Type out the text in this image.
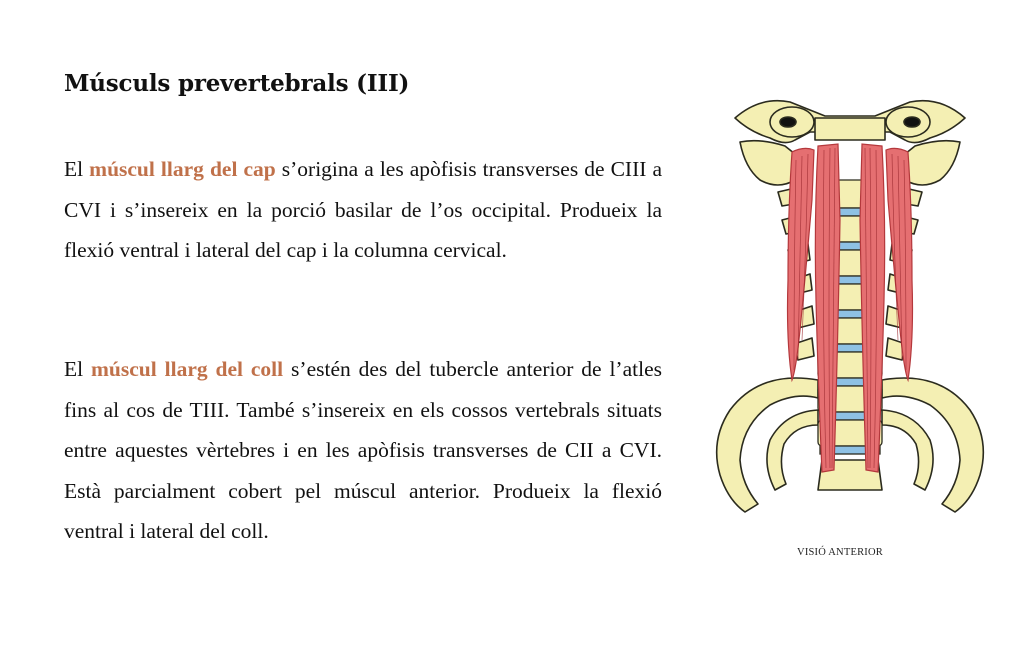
Músculs prevertebrals (III)

El múscul llarg del cap s’origina a les apòfisis transverses de CIII a CVI i s’insereix en la porció basilar de l’os occipital. Produeix la flexió ventral i lateral del cap i la columna cervical.

El múscul llarg del coll s’estén des del tubercle anterior de l’atles fins al cos de TIII. També s’insereix en els cossos vertebrals situats entre aquestes vèrtebres i en les apòfisis transverses de CII a CVI. Està parcialment cobert pel múscul anterior. Produeix la flexió ventral i lateral del coll.

VISIÓ ANTERIOR
